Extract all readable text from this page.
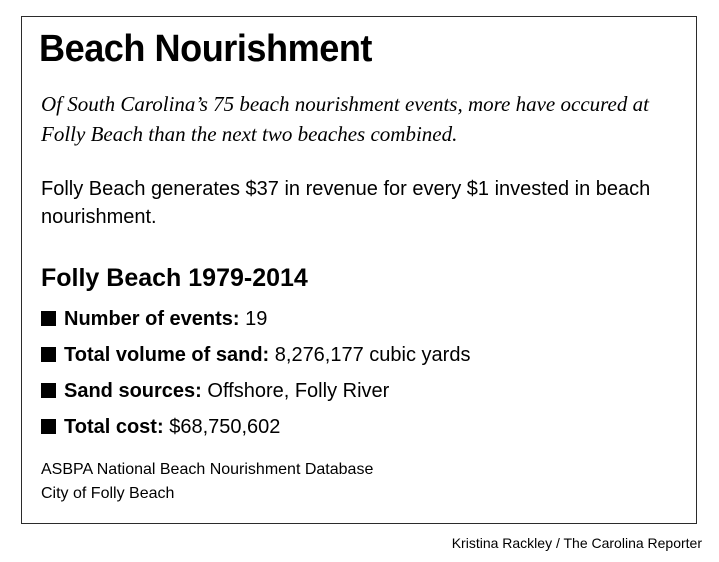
Beach Nourishment

Of South Carolina’s 75 beach nourishment events, more have occured at Folly Beach than the next two beaches combined.

Folly Beach generates $37 in revenue for every $1 invested in beach nourishment.

Folly Beach 1979-2014
Number of events: 19
Total volume of sand: 8,276,177 cubic yards
Sand sources: Offshore, Folly River
Total cost: $68,750,602

ASBPA National Beach Nourishment Database
City of Folly Beach

Kristina Rackley / The Carolina Reporter
